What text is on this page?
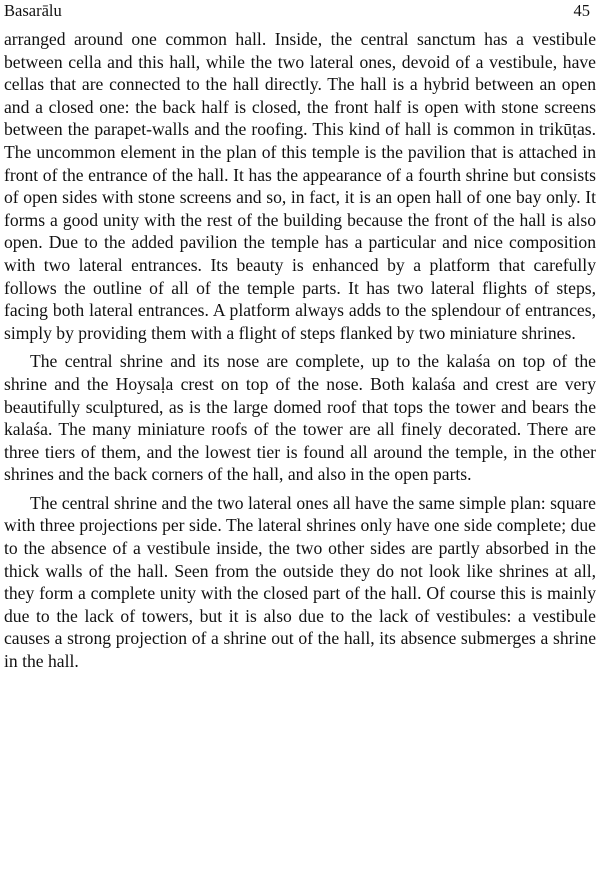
Basarālu	45

arranged around one common hall. Inside, the central sanctum has a vestibule between cella and this hall, while the two lateral ones, devoid of a vestibule, have cellas that are connected to the hall directly. The hall is a hybrid between an open and a closed one: the back half is closed, the front half is open with stone screens between the parapet-walls and the roofing. This kind of hall is common in trikūṭas. The uncommon element in the plan of this temple is the pavilion that is attached in front of the entrance of the hall. It has the appearance of a fourth shrine but consists of open sides with stone screens and so, in fact, it is an open hall of one bay only. It forms a good unity with the rest of the building because the front of the hall is also open. Due to the added pavilion the temple has a particular and nice composition with two lateral entrances. Its beauty is enhanced by a platform that carefully follows the outline of all of the temple parts. It has two lateral flights of steps, facing both lateral entrances. A platform always adds to the splendour of entrances, simply by providing them with a flight of steps flanked by two miniature shrines.

The central shrine and its nose are complete, up to the kalaśa on top of the shrine and the Hoysaḷa crest on top of the nose. Both kalaśa and crest are very beautifully sculptured, as is the large domed roof that tops the tower and bears the kalaśa. The many miniature roofs of the tower are all finely decorated. There are three tiers of them, and the lowest tier is found all around the temple, in the other shrines and the back corners of the hall, and also in the open parts.

The central shrine and the two lateral ones all have the same simple plan: square with three projections per side. The lateral shrines only have one side complete; due to the absence of a vestibule inside, the two other sides are partly absorbed in the thick walls of the hall. Seen from the outside they do not look like shrines at all, they form a complete unity with the closed part of the hall. Of course this is mainly due to the lack of towers, but it is also due to the lack of vestibules: a vestibule causes a strong projection of a shrine out of the hall, its absence submerges a shrine in the hall.
